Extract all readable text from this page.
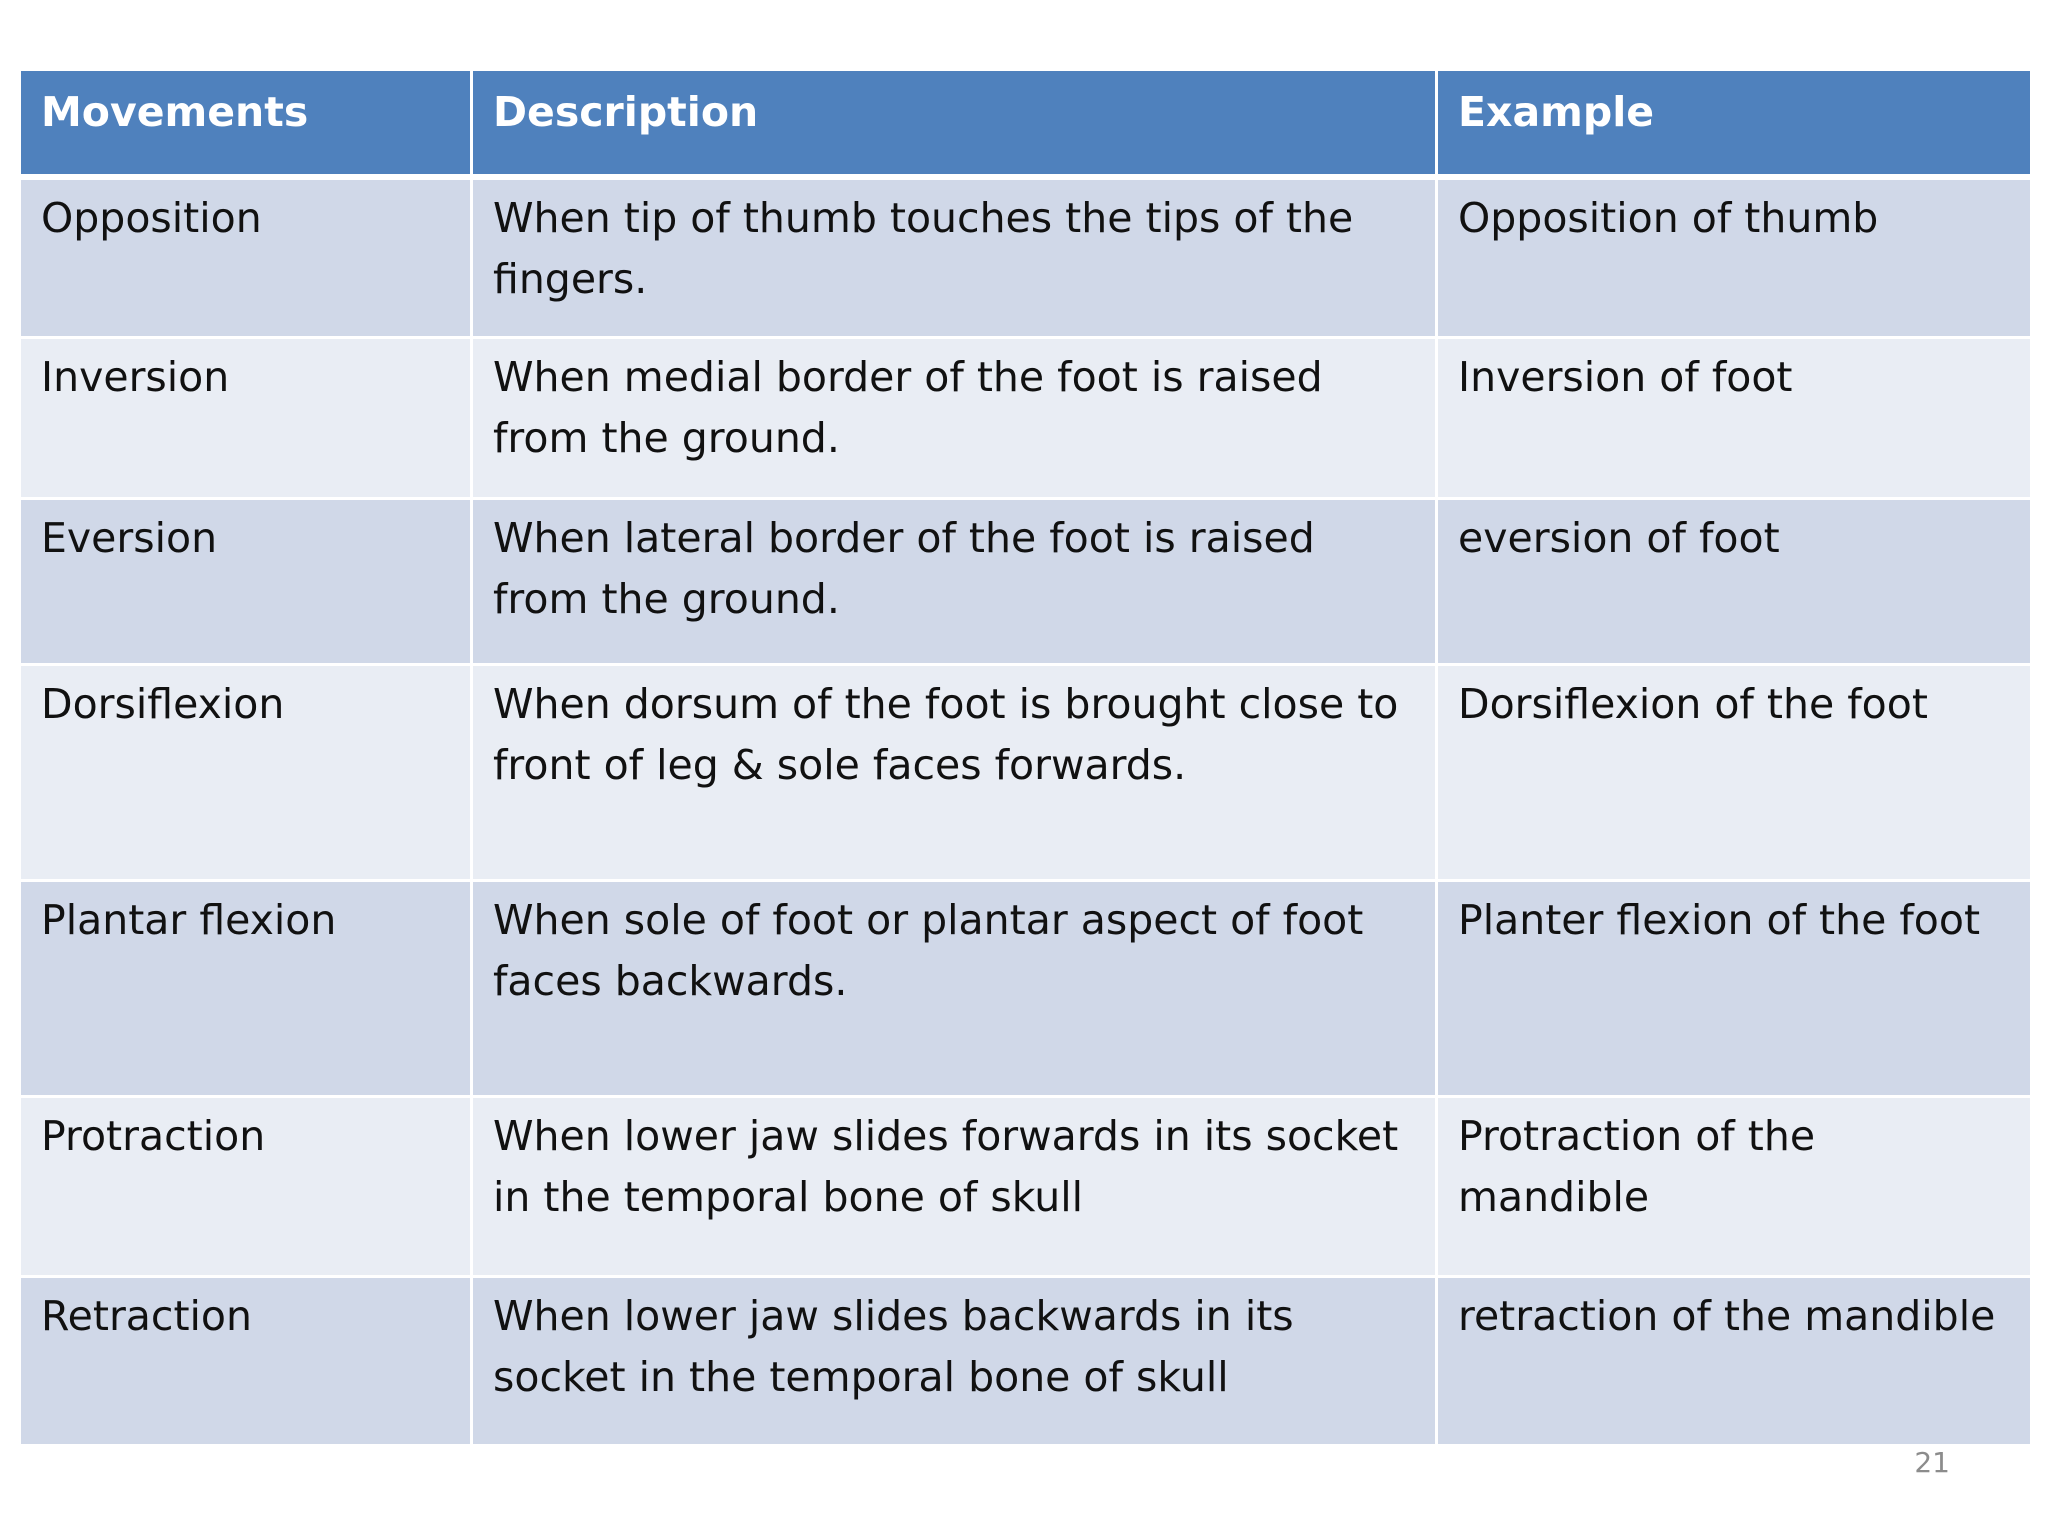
Movements	Description	Example
Opposition	When tip of thumb touches the tips of the fingers.	Opposition of thumb
Inversion	When medial border of the foot is raised from the ground.	Inversion of foot
Eversion	When lateral border of the foot is raised from the ground.	eversion of foot
Dorsiflexion	When dorsum of the foot is brought close to front of leg & sole faces forwards.	Dorsiflexion of the foot
Plantar flexion	When sole of foot or plantar aspect of foot faces backwards.	Planter flexion of the foot
Protraction	When lower jaw slides forwards in its socket in the temporal bone of skull	Protraction of the mandible
Retraction	When lower jaw slides backwards in its socket in the temporal bone of skull	retraction of the mandible
21
